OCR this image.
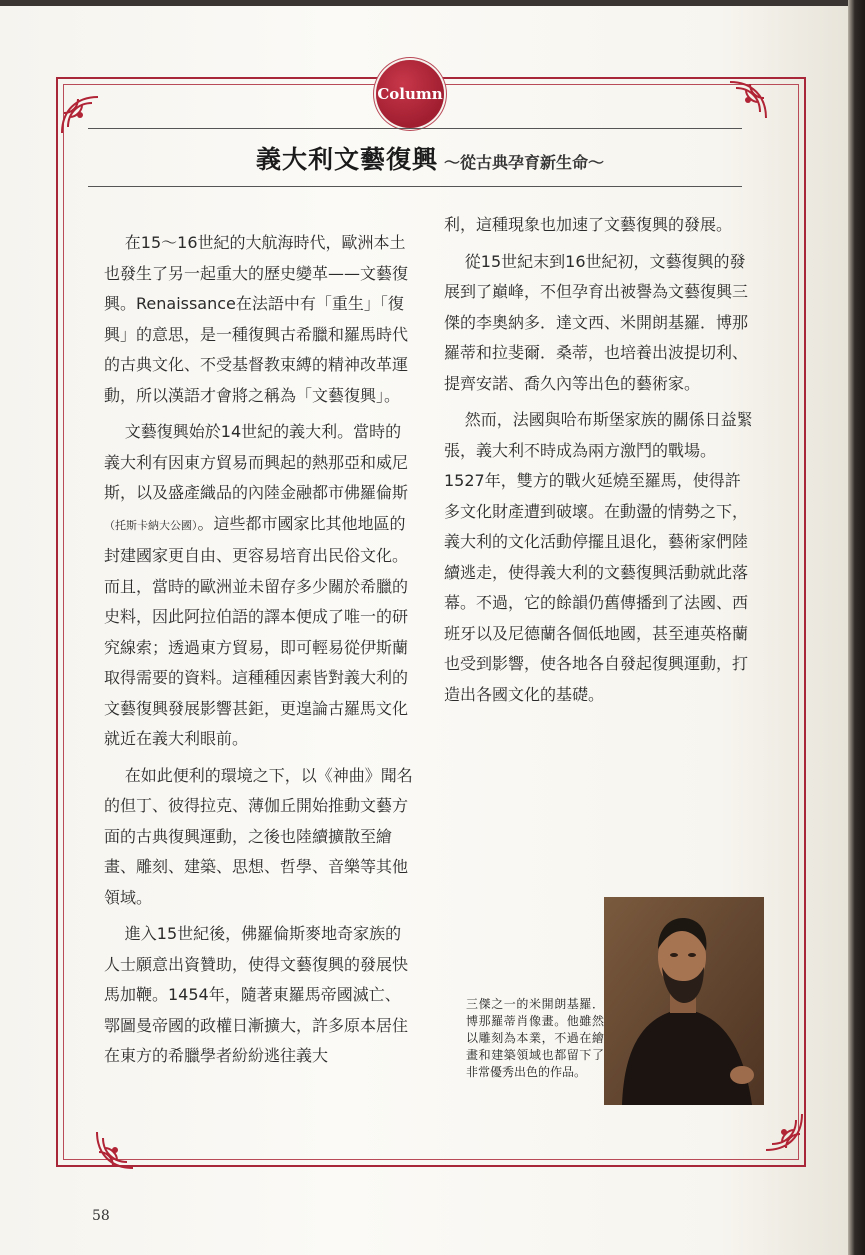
Column
義大利文藝復興 ～從古典孕育新生命～

在15～16世紀的大航海時代，歐洲本土也發生了另一起重大的歷史變革——文藝復興。Renaissance在法語中有「重生」「復興」的意思，是一種復興古希臘和羅馬時代的古典文化、不受基督教束縛的精神改革運動，所以漢語才會將之稱為「文藝復興」。

文藝復興始於14世紀的義大利。當時的義大利有因東方貿易而興起的熱那亞和威尼斯，以及盛產織品的內陸金融都市佛羅倫斯（托斯卡納大公國）。這些都市國家比其他地區的封建國家更自由、更容易培育出民俗文化。而且，當時的歐洲並未留存多少關於希臘的史料，因此阿拉伯語的譯本便成了唯一的研究線索；透過東方貿易，即可輕易從伊斯蘭取得需要的資料。這種種因素皆對義大利的文藝復興發展影響甚鉅，更遑論古羅馬文化就近在義大利眼前。

在如此便利的環境之下，以《神曲》聞名的但丁、彼得拉克、薄伽丘開始推動文藝方面的古典復興運動，之後也陸續擴散至繪畫、雕刻、建築、思想、哲學、音樂等其他領域。

進入15世紀後，佛羅倫斯麥地奇家族的人士願意出資贊助，使得文藝復興的發展快馬加鞭。1454年，隨著東羅馬帝國滅亡、鄂圖曼帝國的政權日漸擴大，許多原本居住在東方的希臘學者紛紛逃往義大

利，這種現象也加速了文藝復興的發展。

從15世紀末到16世紀初，文藝復興的發展到了巔峰，不但孕育出被譽為文藝復興三傑的李奧納多．達文西、米開朗基羅．博那羅蒂和拉斐爾．桑蒂，也培養出波提切利、提齊安諾、喬久內等出色的藝術家。

然而，法國與哈布斯堡家族的關係日益緊張，義大利不時成為兩方激鬥的戰場。1527年，雙方的戰火延燒至羅馬，使得許多文化財產遭到破壞。在動盪的情勢之下，義大利的文化活動停擺且退化，藝術家們陸續逃走，使得義大利的文藝復興活動就此落幕。不過，它的餘韻仍舊傳播到了法國、西班牙以及尼德蘭各個低地國，甚至連英格蘭也受到影響，使各地各自發起復興運動，打造出各國文化的基礎。

三傑之一的米開朗基羅．博那羅蒂肖像畫。他雖然以雕刻為本業，不過在繪畫和建築領域也都留下了非常優秀出色的作品。
58
